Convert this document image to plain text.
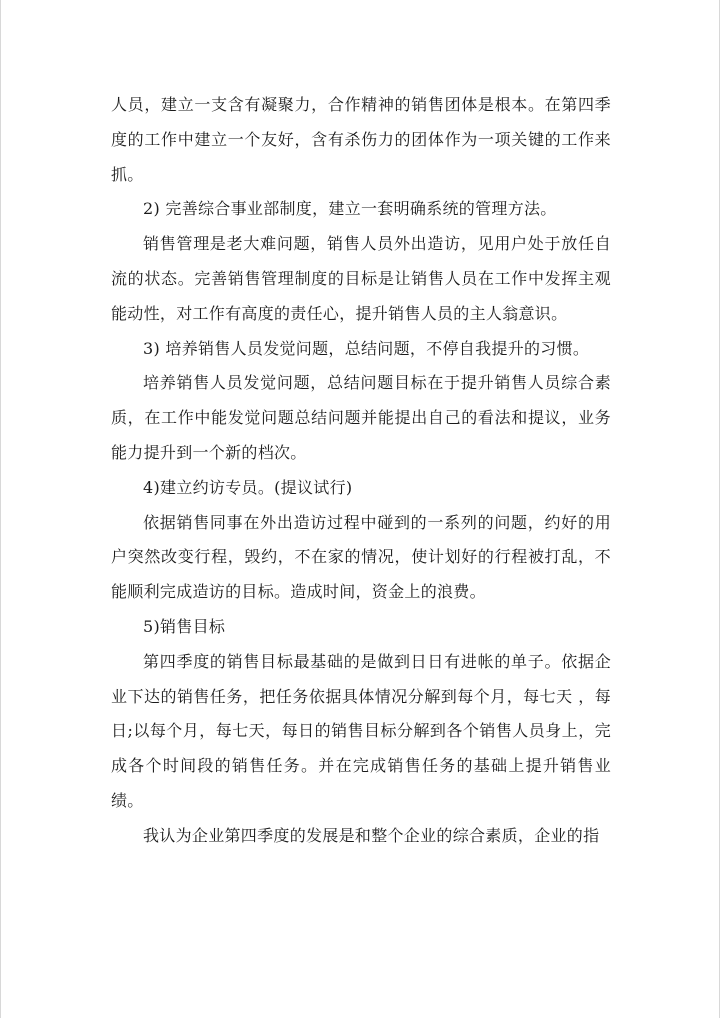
人员，建立一支含有凝聚力，合作精神的销售团体是根本。在第四季度的工作中建立一个友好，含有杀伤力的团体作为一项关键的工作来抓。

2) 完善综合事业部制度，建立一套明确系统的管理方法。

销售管理是老大难问题，销售人员外出造访，见用户处于放任自流的状态。完善销售管理制度的目标是让销售人员在工作中发挥主观能动性，对工作有高度的责任心，提升销售人员的主人翁意识。

3) 培养销售人员发觉问题，总结问题，不停自我提升的习惯。

培养销售人员发觉问题，总结问题目标在于提升销售人员综合素质，在工作中能发觉问题总结问题并能提出自己的看法和提议，业务能力提升到一个新的档次。

4)建立约访专员。(提议试行)

依据销售同事在外出造访过程中碰到的一系列的问题，约好的用户突然改变行程，毁约，不在家的情况，使计划好的行程被打乱，不能顺利完成造访的目标。造成时间，资金上的浪费。

5)销售目标

第四季度的销售目标最基础的是做到日日有进帐的单子。依据企业下达的销售任务，把任务依据具体情况分解到每个月，每七天 ，每日;以每个月，每七天，每日的销售目标分解到各个销售人员身上，完成各个时间段的销售任务。并在完成销售任务的基础上提升销售业绩。

我认为企业第四季度的发展是和整个企业的综合素质，企业的指
